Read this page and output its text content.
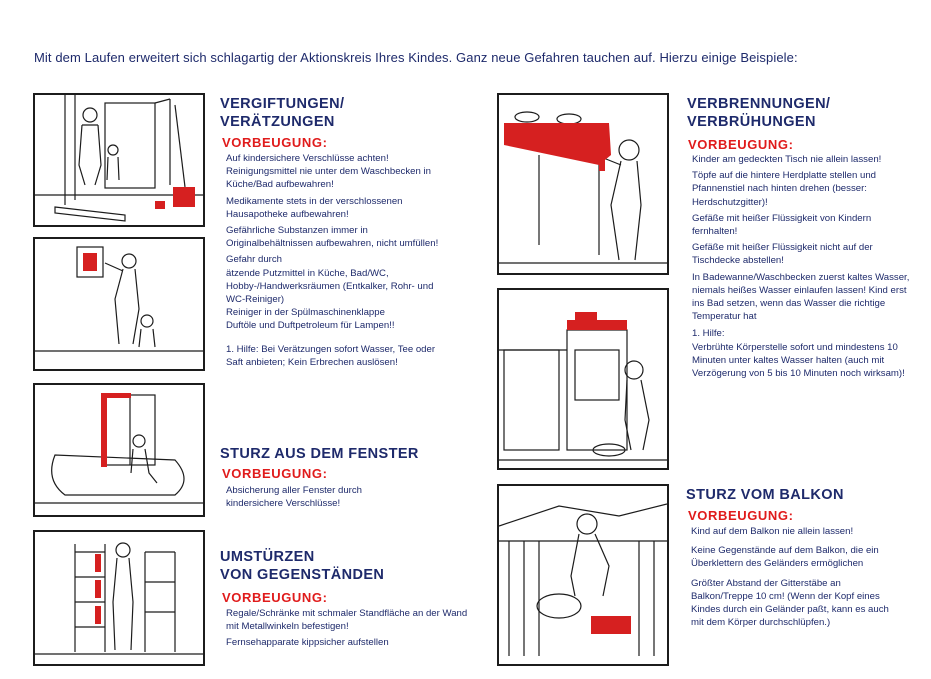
Mit dem Laufen erweitert sich schlagartig der Aktionskreis Ihres Kindes. Ganz neue Gefahren tauchen auf. Hierzu einige Beispiele:
VERGIFTUNGEN/
VERÄTZUNGEN
VORBEUGUNG:

Auf kindersichere Verschlüsse achten! Reinigungsmittel nie unter dem Waschbecken in Küche/Bad aufbewahren!

Medikamente stets in der verschlossenen Hausapotheke aufbewahren!

Gefährliche Substanzen immer in Originalbehältnissen aufbewahren, nicht umfüllen!

Gefahr durch

ätzende Putzmittel in Küche, Bad/WC, Hobby-/Handwerksräumen (Entkalker, Rohr- und WC-Reiniger)

Reiniger in der Spülmaschinenklappe

Duftöle und Duftpetroleum für Lampen!!

1. Hilfe: Bei Verätzungen sofort Wasser, Tee oder Saft anbieten; Kein Erbrechen auslösen!

STURZ AUS DEM FENSTER
VORBEUGUNG:
Absicherung aller Fenster durch kindersichere Verschlüsse!
UMSTÜRZEN
VON GEGENSTÄNDEN
VORBEUGUNG:

Regale/Schränke mit schmaler Standfläche an der Wand mit Metallwinkeln befestigen!

Fernsehapparate kippsicher aufstellen

VERBRENNUNGEN/
VERBRÜHUNGEN
VORBEUGUNG:

Kinder am gedeckten Tisch nie allein lassen!

Töpfe auf die hintere Herdplatte stellen und Pfannenstiel nach hinten drehen (besser: Herdschutzgitter)!

Gefäße mit heißer Flüssigkeit von Kindern fernhalten!

Gefäße mit heißer Flüssigkeit nicht auf der Tischdecke abstellen!

In Badewanne/Waschbecken zuerst kaltes Wasser, niemals heißes Wasser einlaufen lassen! Kind erst ins Bad setzen, wenn das Wasser die richtige Temperatur hat

1. Hilfe:

Verbrühte Körperstelle sofort und mindestens 10 Minuten unter kaltes Wasser halten (auch mit Verzögerung von 5 bis 10 Minuten noch wirksam)!

STURZ VOM BALKON
VORBEUGUNG:

Kind auf dem Balkon nie allein lassen!

Keine Gegenstände auf dem Balkon, die ein Überklettern des Geländers ermöglichen

Größter Abstand der Gitterstäbe an Balkon/Treppe 10 cm! (Wenn der Kopf eines Kindes durch ein Geländer paßt, kann es auch mit dem Körper durchschlüpfen.)
